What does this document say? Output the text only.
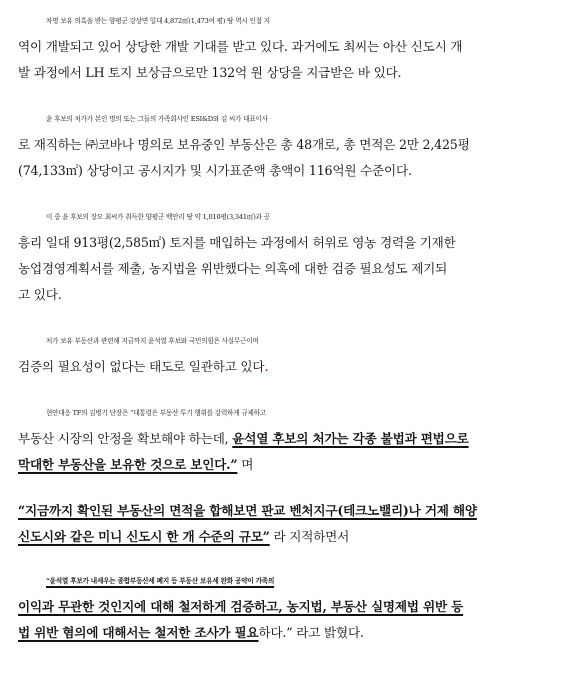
차명 보유 의혹을 받는 양평군 강상면 일대 4,872㎡(1,473여 평) 땅 역시 인접 지
역이 개발되고 있어 상당한 개발 기대를 받고 있다. 과거에도 최씨는 아산 신도시 개
발 과정에서 LH 토지 보상금으로만 132억 원 상당을 지급받은 바 있다.

윤 후보의 처가가 본인 명의 또는 그들의 가족회사인 ESI&D와 김 씨가 대표이사
로 재직하는 ㈜코바나 명의로 보유중인 부동산은 총 48개로, 총 면적은 2만 2,425평
(74,133㎡) 상당이고 공시지가 및 시가표준액 총액이 116억원 수준이다.

이 중 윤 후보의 장모 최씨가 취득한 양평군 백안리 땅 약 1,010평(3,341㎡)과 공
흥리 일대 913평(2,585㎡) 토지를 매입하는 과정에서 허위로 영농 경력을 기재한
농업경영계획서를 제출, 농지법을 위반했다는 의혹에 대한 검증 필요성도 제기되
고 있다.

처가 보유 부동산과 관련해 지금까지 윤석열 후보와 국민의힘은 사실무근이며
검증의 필요성이 없다는 태도로 일관하고 있다.

현안대응 TF의 김병기 단장은 “대통령은 부동산 투기 행위를 강력하게 규제하고
부동산 시장의 안정을 확보해야 하는데, 윤석열 후보의 처가는 각종 불법과 편법으로
막대한 부동산을 보유한 것으로 보인다.” 며

“지금까지 확인된 부동산의 면적을 합해보면 판교 벤처지구(테크노밸리)나 거제 해양
신도시와 같은 미니 신도시 한 개 수준의 규모” 라 지적하면서

“윤석열 후보가 내세우는 종합부동산세 폐지 등 부동산 보유세 완화 공약이 가족의
이익과 무관한 것인지에 대해 철저하게 검증하고, 농지법, 부동산 실명제법 위반 등
법 위반 혐의에 대해서는 철저한 조사가 필요하다.” 라고 밝혔다.
